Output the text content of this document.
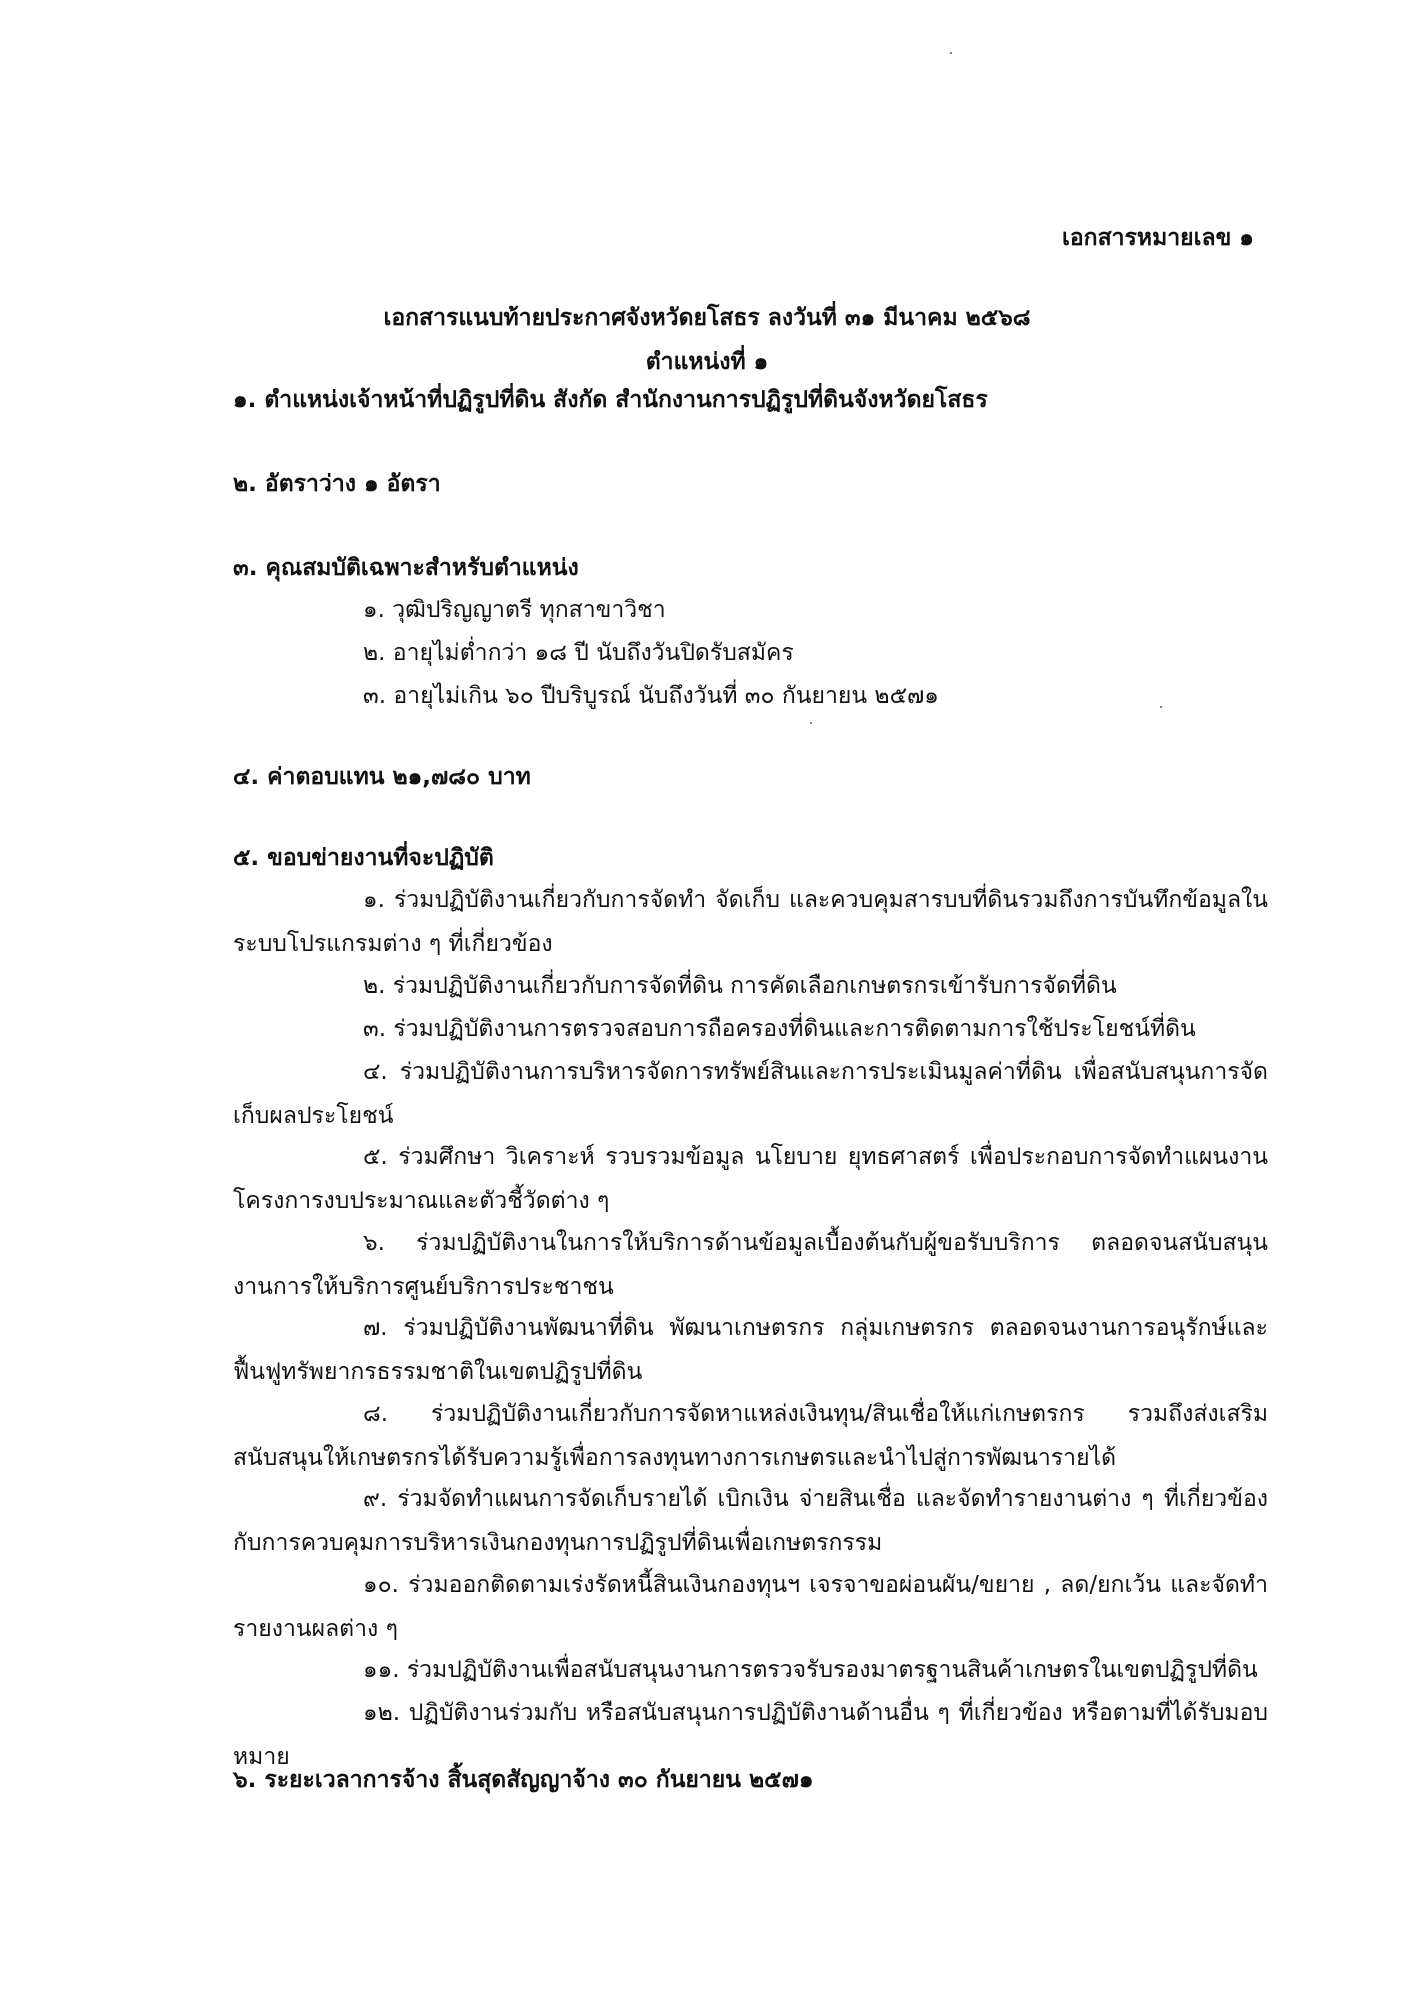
เอกสารหมายเลข ๑
เอกสารแนบท้ายประกาศจังหวัดยโสธร ลงวันที่ ๓๑ มีนาคม ๒๕๖๘
ตำแหน่งที่ ๑
๑. ตำแหน่งเจ้าหน้าที่ปฏิรูปที่ดิน สังกัด สำนักงานการปฏิรูปที่ดินจังหวัดยโสธร
๒. อัตราว่าง ๑ อัตรา
๓. คุณสมบัติเฉพาะสำหรับตำแหน่ง
๑. วุฒิปริญญาตรี ทุกสาขาวิชา
๒. อายุไม่ต่ำกว่า ๑๘ ปี นับถึงวันปิดรับสมัคร
๓. อายุไม่เกิน ๖๐ ปีบริบูรณ์ นับถึงวันที่ ๓๐ กันยายน ๒๕๗๑
๔. ค่าตอบแทน ๒๑,๗๘๐ บาท
๕. ขอบข่ายงานที่จะปฏิบัติ
๑. ร่วมปฏิบัติงานเกี่ยวกับการจัดทำ จัดเก็บ และควบคุมสารบบที่ดินรวมถึงการบันทึกข้อมูลในระบบโปรแกรมต่าง ๆ ที่เกี่ยวข้อง
๒. ร่วมปฏิบัติงานเกี่ยวกับการจัดที่ดิน การคัดเลือกเกษตรกรเข้ารับการจัดที่ดิน
๓. ร่วมปฏิบัติงานการตรวจสอบการถือครองที่ดินและการติดตามการใช้ประโยชน์ที่ดิน
๔. ร่วมปฏิบัติงานการบริหารจัดการทรัพย์สินและการประเมินมูลค่าที่ดิน เพื่อสนับสนุนการจัดเก็บผลประโยชน์
๕. ร่วมศึกษา วิเคราะห์ รวบรวมข้อมูล นโยบาย ยุทธศาสตร์ เพื่อประกอบการจัดทำแผนงานโครงการงบประมาณและตัวชี้วัดต่าง ๆ
๖. ร่วมปฏิบัติงานในการให้บริการด้านข้อมูลเบื้องต้นกับผู้ขอรับบริการ ตลอดจนสนับสนุนงานการให้บริการศูนย์บริการประชาชน
๗. ร่วมปฏิบัติงานพัฒนาที่ดิน พัฒนาเกษตรกร กลุ่มเกษตรกร ตลอดจนงานการอนุรักษ์และฟื้นฟูทรัพยากรธรรมชาติในเขตปฏิรูปที่ดิน
๘. ร่วมปฏิบัติงานเกี่ยวกับการจัดหาแหล่งเงินทุน/สินเชื่อให้แก่เกษตรกร รวมถึงส่งเสริมสนับสนุนให้เกษตรกรได้รับความรู้เพื่อการลงทุนทางการเกษตรและนำไปสู่การพัฒนารายได้
๙. ร่วมจัดทำแผนการจัดเก็บรายได้ เบิกเงิน จ่ายสินเชื่อ และจัดทำรายงานต่าง ๆ ที่เกี่ยวข้องกับการควบคุมการบริหารเงินกองทุนการปฏิรูปที่ดินเพื่อเกษตรกรรม
๑๐. ร่วมออกติดตามเร่งรัดหนี้สินเงินกองทุนฯ เจรจาขอผ่อนผัน/ขยาย , ลด/ยกเว้น และจัดทำรายงานผลต่าง ๆ
๑๑. ร่วมปฏิบัติงานเพื่อสนับสนุนงานการตรวจรับรองมาตรฐานสินค้าเกษตรในเขตปฏิรูปที่ดิน
๑๒. ปฏิบัติงานร่วมกับ หรือสนับสนุนการปฏิบัติงานด้านอื่น ๆ ที่เกี่ยวข้อง หรือตามที่ได้รับมอบหมาย
๖. ระยะเวลาการจ้าง สิ้นสุดสัญญาจ้าง ๓๐ กันยายน ๒๕๗๑
